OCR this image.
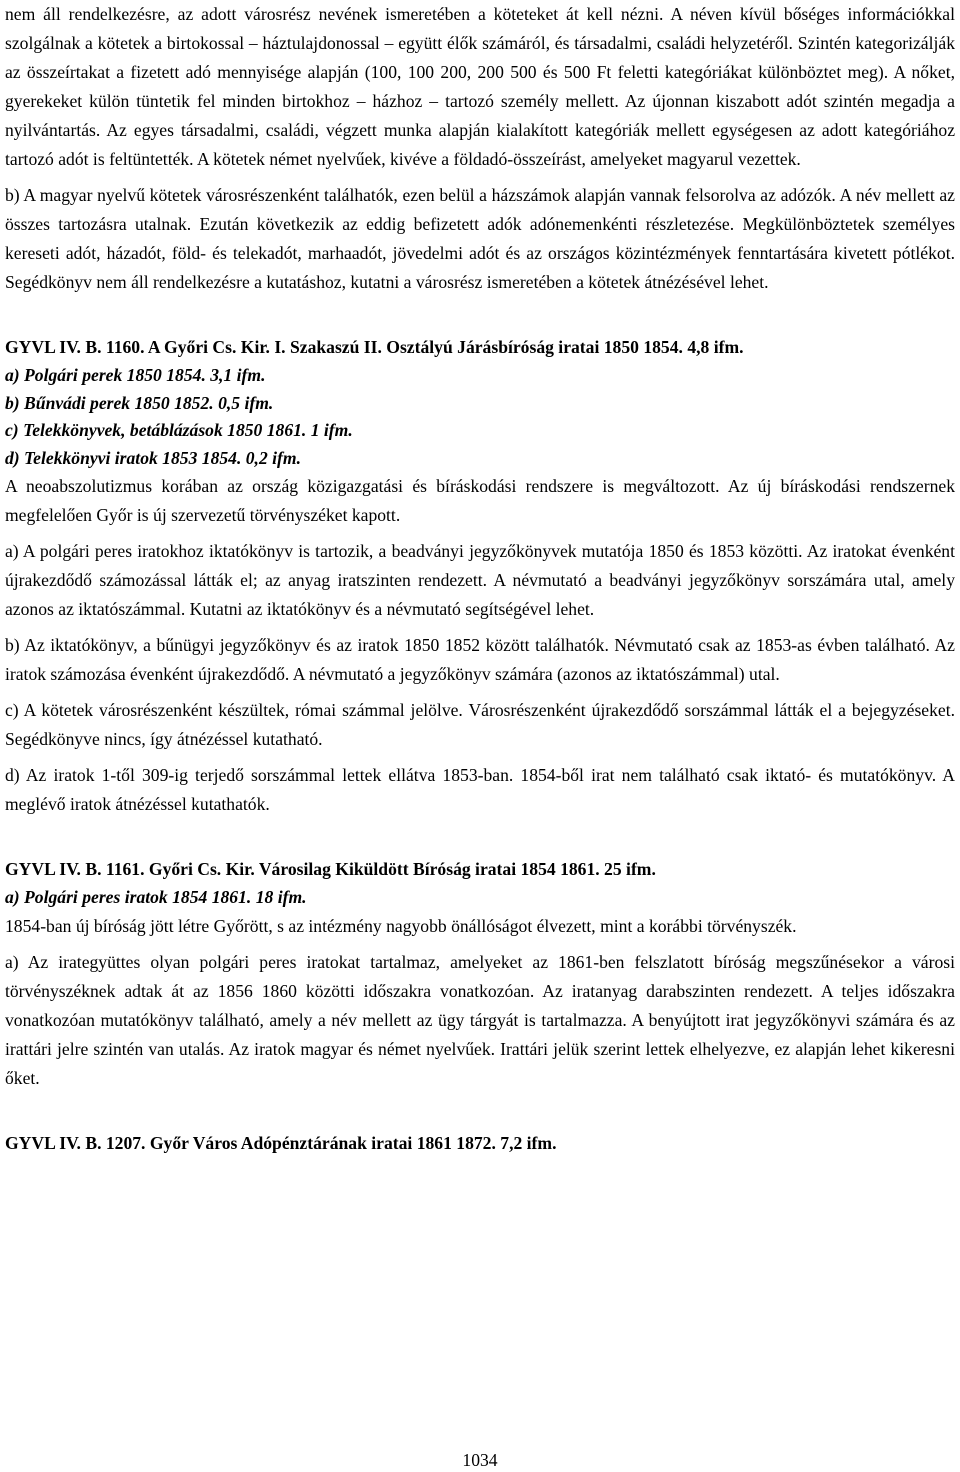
nem áll rendelkezésre, az adott városrész nevének ismeretében a köteteket át kell nézni. A néven kívül bőséges információkkal szolgálnak a kötetek a birtokossal – háztulajdonossal – együtt élők számáról, és társadalmi, családi helyzetéről. Szintén kategorizálják az összeírtakat a fizetett adó mennyisége alapján (100, 100 200, 200 500 és 500 Ft feletti kategóriákat különböztet meg). A nőket, gyerekeket külön tüntetik fel minden birtokhoz – házhoz – tartozó személy mellett. Az újonnan kiszabott adót szintén megadja a nyilvántartás. Az egyes társadalmi, családi, végzett munka alapján kialakított kategóriák mellett egységesen az adott kategóriához tartozó adót is feltüntették. A kötetek német nyelvűek, kivéve a földadó-összeírást, amelyeket magyarul vezettek.

b) A magyar nyelvű kötetek városrészenként találhatók, ezen belül a házszámok alapján vannak felsorolva az adózók. A név mellett az összes tartozásra utalnak. Ezután következik az eddig befizetett adók adónemenkénti részletezése. Megkülönböztetek személyes kereseti adót, házadót, föld- és telekadót, marhaadót, jövedelmi adót és az országos közintézmények fenntartására kivetett pótlékot. Segédkönyv nem áll rendelkezésre a kutatáshoz, kutatni a városrész ismeretében a kötetek átnézésével lehet.

GYVL IV. B. 1160. A Győri Cs. Kir. I. Szakaszú II. Osztályú Járásbíróság iratai 1850 1854. 4,8 ifm.

a) Polgári perek 1850 1854. 3,1 ifm.

b) Bűnvádi perek 1850 1852. 0,5 ifm.

c) Telekkönyvek, betáblázások 1850 1861. 1 ifm.

d) Telekkönyvi iratok 1853 1854. 0,2 ifm.

A neoabszolutizmus korában az ország közigazgatási és bíráskodási rendszere is megváltozott. Az új bíráskodási rendszernek megfelelően Győr is új szervezetű törvényszéket kapott.

a) A polgári peres iratokhoz iktatókönyv is tartozik, a beadványi jegyzőkönyvek mutatója 1850 és 1853 közötti. Az iratokat évenként újrakezdődő számozással látták el; az anyag iratszinten rendezett. A névmutató a beadványi jegyzőkönyv sorszámára utal, amely azonos az iktatószámmal. Kutatni az iktatókönyv és a névmutató segítségével lehet.

b) Az iktatókönyv, a bűnügyi jegyzőkönyv és az iratok 1850 1852 között találhatók. Névmutató csak az 1853-as évben található. Az iratok számozása évenként újrakezdődő. A névmutató a jegyzőkönyv számára (azonos az iktatószámmal) utal.

c) A kötetek városrészenként készültek, római számmal jelölve. Városrészenként újrakezdődő sorszámmal látták el a bejegyzéseket. Segédkönyve nincs, így átnézéssel kutatható.

d) Az iratok 1-től 309-ig terjedő sorszámmal lettek ellátva 1853-ban. 1854-ből irat nem található csak iktató- és mutatókönyv. A meglévő iratok átnézéssel kutathatók.

GYVL IV. B. 1161. Győri Cs. Kir. Városilag Kiküldött Bíróság iratai 1854 1861. 25 ifm.

a) Polgári peres iratok 1854 1861. 18 ifm.

1854-ban új bíróság jött létre Győrött, s az intézmény nagyobb önállóságot élvezett, mint a korábbi törvényszék.

a) Az irategyüttes olyan polgári peres iratokat tartalmaz, amelyeket az 1861-ben felszlatott bíróság megszűnésekor a városi törvényszéknek adtak át az 1856 1860 közötti időszakra vonatkozóan. Az iratanyag darabszinten rendezett. A teljes időszakra vonatkozóan mutatókönyv található, amely a név mellett az ügy tárgyát is tartalmazza. A benyújtott irat jegyzőkönyvi számára és az irattári jelre szintén van utalás. Az iratok magyar és német nyelvűek. Irattári jelük szerint lettek elhelyezve, ez alapján lehet kikeresni őket.

GYVL IV. B. 1207. Győr Város Adópénztárának iratai 1861 1872. 7,2 ifm.

1034
